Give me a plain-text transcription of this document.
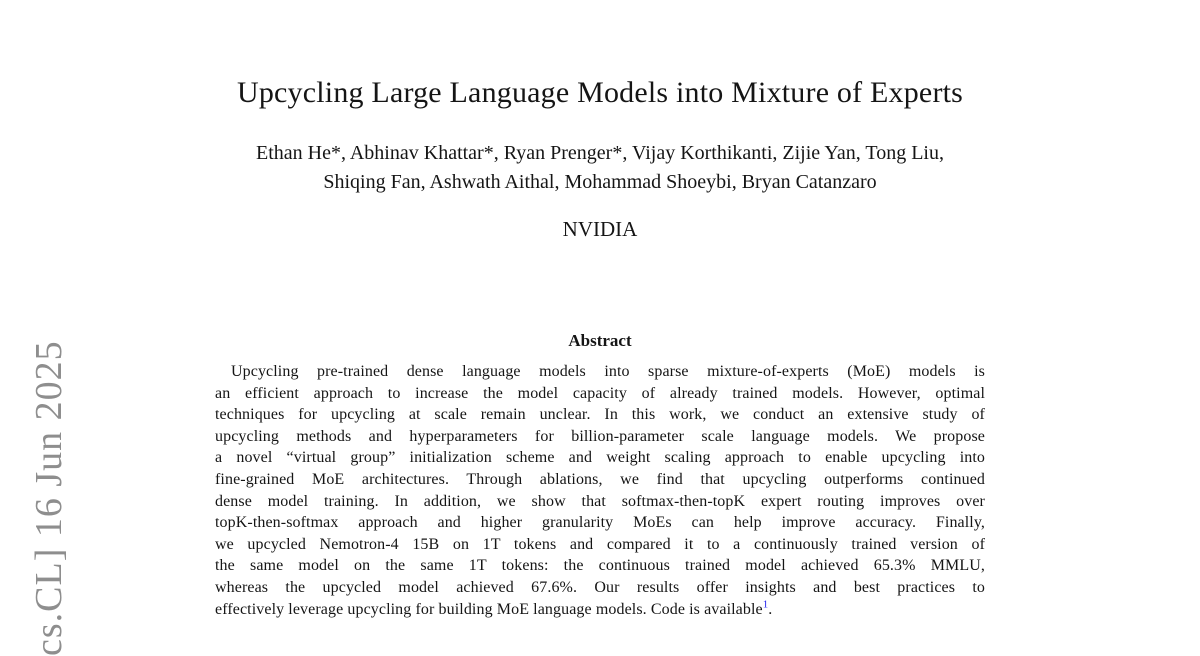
cs.CL] 16 Jun 2025
Upcycling Large Language Models into Mixture of Experts
Ethan He*, Abhinav Khattar*, Ryan Prenger*, Vijay Korthikanti, Zijie Yan, Tong Liu,
Shiqing Fan, Ashwath Aithal, Mohammad Shoeybi, Bryan Catanzaro
NVIDIA
Abstract
Upcycling pre-trained dense language models into sparse mixture-of-experts (MoE) models is
an efficient approach to increase the model capacity of already trained models. However, optimal
techniques for upcycling at scale remain unclear. In this work, we conduct an extensive study of
upcycling methods and hyperparameters for billion-parameter scale language models. We propose
a novel “virtual group” initialization scheme and weight scaling approach to enable upcycling into
fine-grained MoE architectures. Through ablations, we find that upcycling outperforms continued
dense model training. In addition, we show that softmax-then-topK expert routing improves over
topK-then-softmax approach and higher granularity MoEs can help improve accuracy. Finally,
we upcycled Nemotron-4 15B on 1T tokens and compared it to a continuously trained version of
the same model on the same 1T tokens: the continuous trained model achieved 65.3% MMLU,
whereas the upcycled model achieved 67.6%. Our results offer insights and best practices to
effectively leverage upcycling for building MoE language models. Code is available$^1$.
